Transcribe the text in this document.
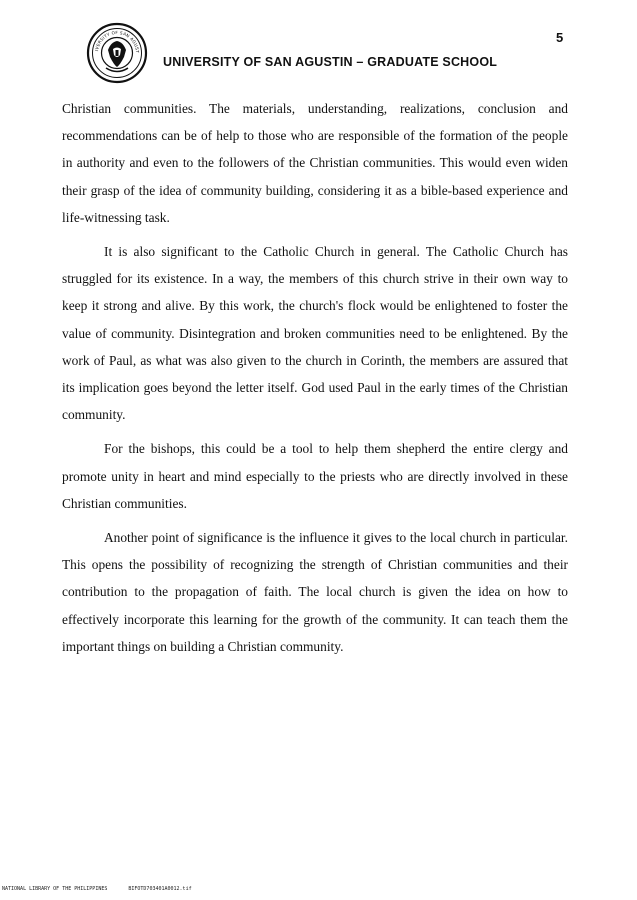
5
IVERSITY OF SAN AGUST
UNIVERSITY OF SAN AGUSTIN – GRADUATE SCHOOL

Christian communities. The materials, understanding, realizations, conclusion and recommendations can be of help to those who are responsible of the formation of the people in authority and even to the followers of the Christian communities. This would even widen their grasp of the idea of community building, considering it as a bible-based experience and life-witnessing task.

It is also significant to the Catholic Church in general. The Catholic Church has struggled for its existence. In a way, the members of this church strive in their own way to keep it strong and alive. By this work, the church's flock would be enlightened to foster the value of community. Disintegration and broken communities need to be enlightened. By the work of Paul, as what was also given to the church in Corinth, the members are assured that its implication goes beyond the letter itself. God used Paul in the early times of the Christian community.

For the bishops, this could be a tool to help them shepherd the entire clergy and promote unity in heart and mind especially to the priests who are directly involved in these Christian communities.

Another point of significance is the influence it gives to the local church in particular. This opens the possibility of recognizing the strength of Christian communities and their contribution to the propagation of faith. The local church is given the idea on how to effectively incorporate this learning for the growth of the community. It can teach them the important things on building a Christian community.

NATIONAL LIBRARY OF THE PHILIPPINES	BIFOTD703401A0012.tif
